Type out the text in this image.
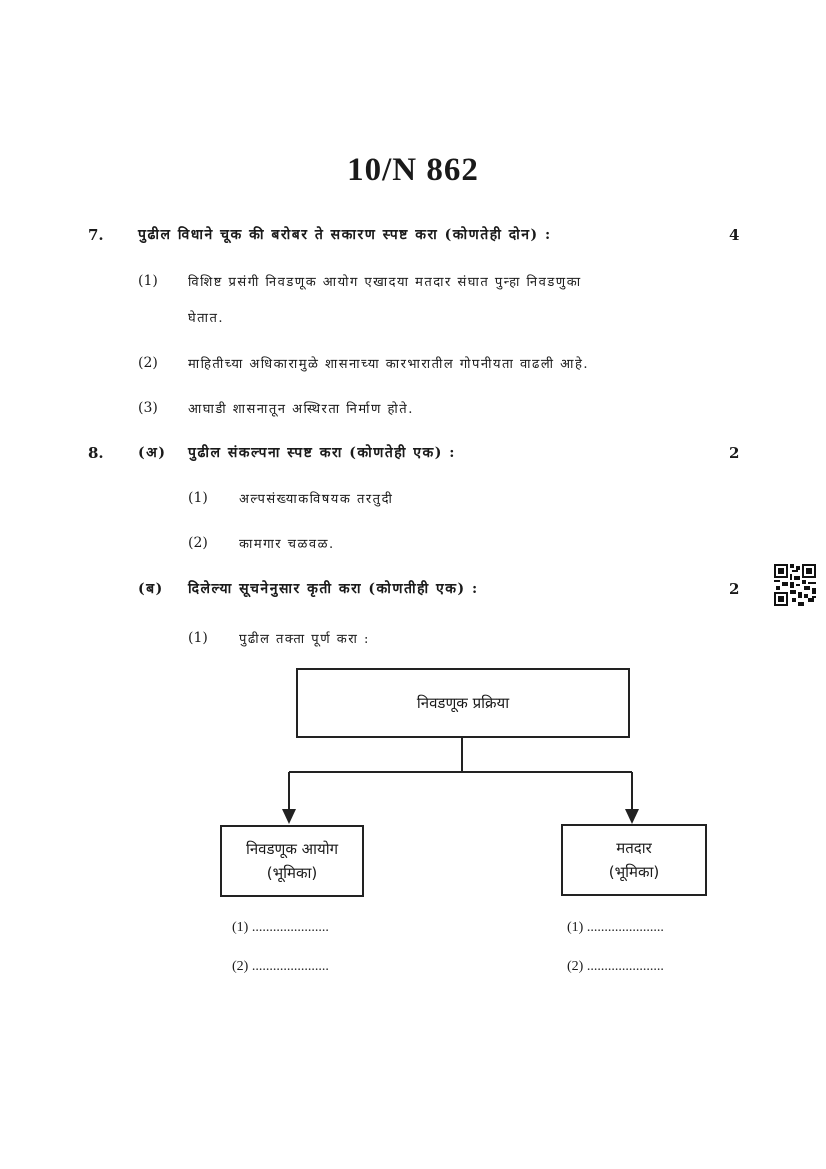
10/N 862
7. पुढील विधाने चूक की बरोबर ते सकारण स्पष्ट करा (कोणतेही दोन) :	4
(1) विशिष्ट प्रसंगी निवडणूक आयोग एखादया मतदार संघात पुन्हा निवडणुका
घेतात.
(2) माहितीच्या अधिकारामुळे शासनाच्या कारभारातील गोपनीयता वाढली आहे.
(3) आघाडी शासनातून अस्थिरता निर्माण होते.
8. (अ) पुढील संकल्पना स्पष्ट करा (कोणतेही एक) :	2
(1) अल्पसंख्याकविषयक तरतुदी
(2) कामगार चळवळ.
(ब) दिलेल्या सूचनेनुसार कृती करा (कोणतीही एक) :	2
(1) पुढील तक्ता पूर्ण करा :
निवडणूक प्रक्रिया
निवडणूक आयोग
(भूमिका)
मतदार
(भूमिका)
(1) ......................
(2) ......................
(1) ......................
(2) ......................
